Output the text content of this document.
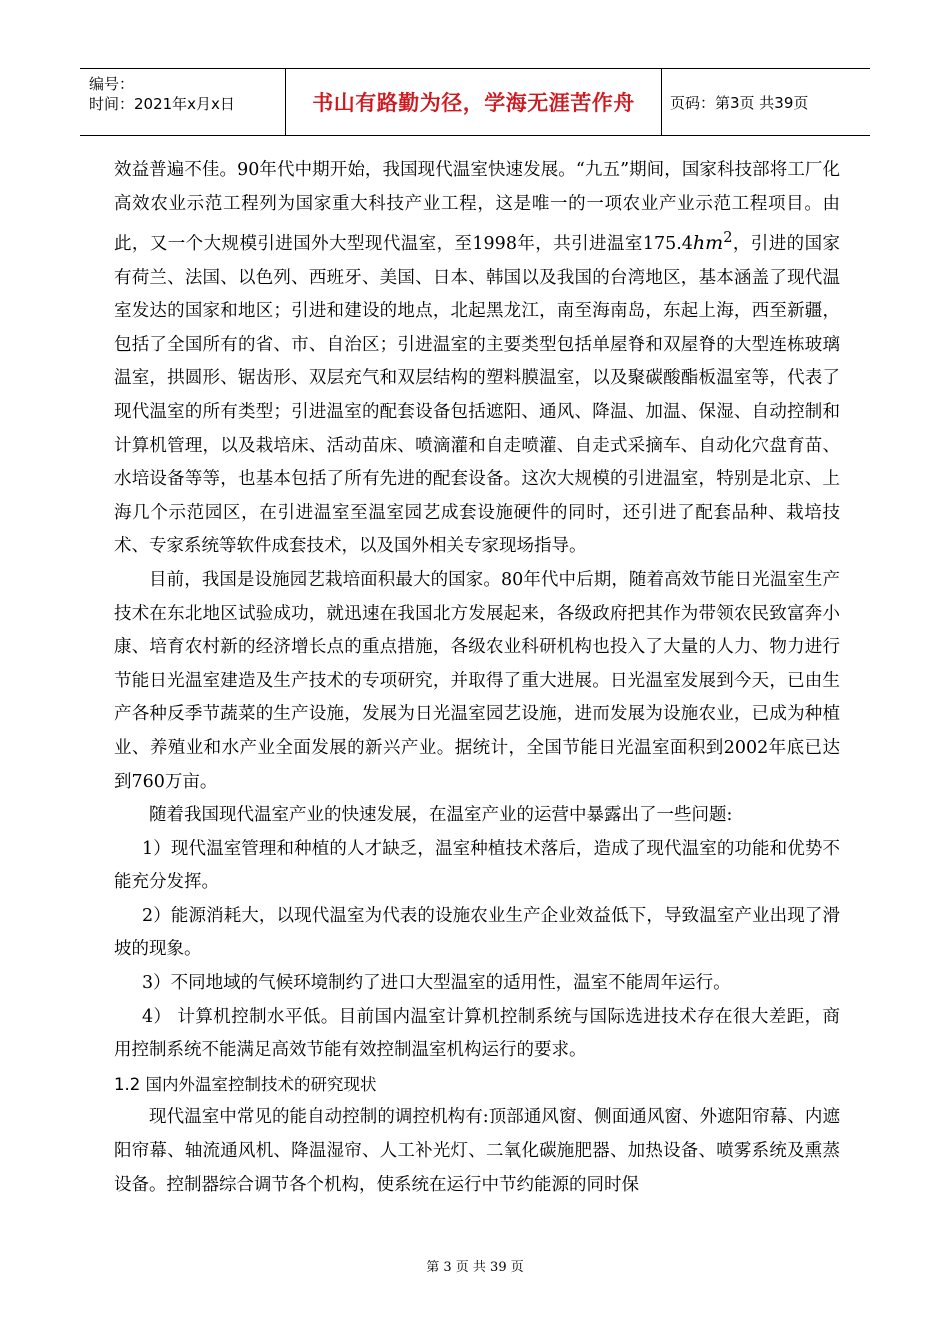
编号：
时间：2021年x月x日	书山有路勤为径，学海无涯苦作舟	页码：第3页 共39页

效益普遍不佳。90年代中期开始，我国现代温室快速发展。“九五”期间，国家科技部将工厂化高效农业示范工程列为国家重大科技产业工程，这是唯一的一项农业产业示范工程项目。由此，又一个大规模引进国外大型现代温室，至1998年，共引进温室$175.4hm^2$，引进的国家有荷兰、法国、以色列、西班牙、美国、日本、韩国以及我国的台湾地区，基本涵盖了现代温室发达的国家和地区；引进和建设的地点，北起黑龙江，南至海南岛，东起上海，西至新疆，包括了全国所有的省、市、自治区；引进温室的主要类型包括单屋脊和双屋脊的大型连栋玻璃温室，拱圆形、锯齿形、双层充气和双层结构的塑料膜温室，以及聚碳酸酯板温室等，代表了现代温室的所有类型；引进温室的配套设备包括遮阳、通风、降温、加温、保湿、自动控制和计算机管理，以及栽培床、活动苗床、喷滴灌和自走喷灌、自走式采摘车、自动化穴盘育苗、水培设备等等，也基本包括了所有先进的配套设备。这次大规模的引进温室，特别是北京、上海几个示范园区，在引进温室至温室园艺成套设施硬件的同时，还引进了配套品种、栽培技术、专家系统等软件成套技术，以及国外相关专家现场指导。

目前，我国是设施园艺栽培面积最大的国家。80年代中后期，随着高效节能日光温室生产技术在东北地区试验成功，就迅速在我国北方发展起来，各级政府把其作为带领农民致富奔小康、培育农村新的经济增长点的重点措施，各级农业科研机构也投入了大量的人力、物力进行节能日光温室建造及生产技术的专项研究，并取得了重大进展。日光温室发展到今天，已由生产各种反季节蔬菜的生产设施，发展为日光温室园艺设施，进而发展为设施农业，已成为种植业、养殖业和水产业全面发展的新兴产业。据统计，全国节能日光温室面积到2002年底已达到760万亩。

随着我国现代温室产业的快速发展，在温室产业的运营中暴露出了一些问题:

1）现代温室管理和种植的人才缺乏，温室种植技术落后，造成了现代温室的功能和优势不能充分发挥。

2）能源消耗大，以现代温室为代表的设施农业生产企业效益低下，导致温室产业出现了滑坡的现象。

3）不同地域的气候环境制约了进口大型温室的适用性，温室不能周年运行。

4） 计算机控制水平低。目前国内温室计算机控制系统与国际选进技术存在很大差距，商用控制系统不能满足高效节能有效控制温室机构运行的要求。

1.2 国内外温室控制技术的研究现状

现代温室中常见的能自动控制的调控机构有:顶部通风窗、侧面通风窗、外遮阳帘幕、内遮阳帘幕、轴流通风机、降温湿帘、人工补光灯、二氧化碳施肥器、加热设备、喷雾系统及熏蒸设备。控制器综合调节各个机构，使系统在运行中节约能源的同时保

第 3 页 共 39 页
